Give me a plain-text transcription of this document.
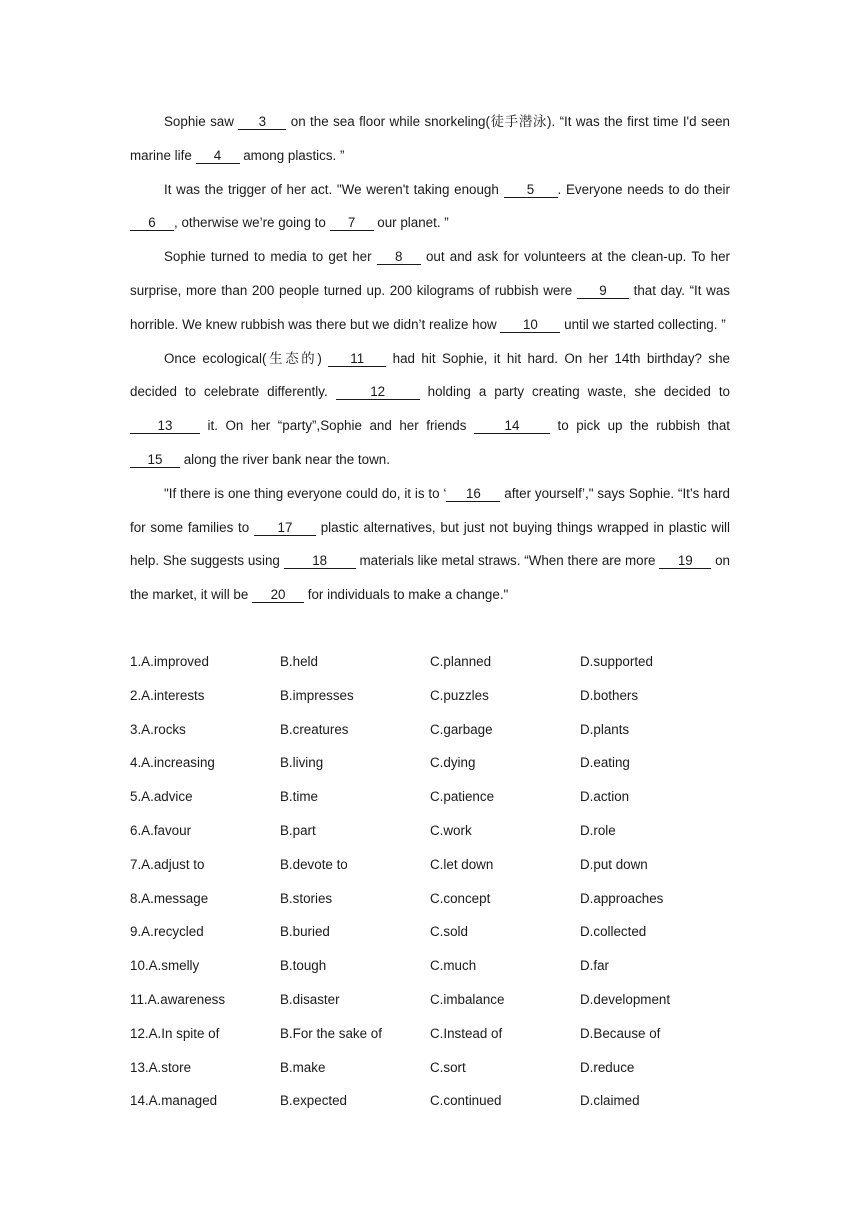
Sophie saw 3 on the sea floor while snorkeling(徒手潜泳). “It was the first time I'd seen marine life 4 among plastics. ”

It was the trigger of her act. "We weren't taking enough 5 . Everyone needs to do their 6 , otherwise we’re going to 7 our planet. ”

Sophie turned to media to get her 8 out and ask for volunteers at the clean-up. To her surprise, more than 200 people turned up. 200 kilograms of rubbish were 9 that day. “It was horrible. We knew rubbish was there but we didn’t realize how 10 until we started collecting. ”

Once ecological(生态的) 11 had hit Sophie, it hit hard. On her 14th birthday? she decided to celebrate differently.	12	holding a party creating waste, she decided to 13 it. On her “party”,Sophie and her friends 14 to pick up the rubbish that 15 along the river bank near the town.

"If there is one thing everyone could do, it is to ‘ 16 after yourself’," says Sophie. “It’s hard for some families to 17 plastic alternatives, but just not buying things wrapped in plastic will help. She suggests using 18 materials like metal straws. “When there are more 19 on the market, it will be 20 for individuals to make a change."

1.A.improved	B.held	C.planned	D.supported
2.A.interests	B.impresses	C.puzzles	D.bothers
3.A.rocks	B.creatures	C.garbage	D.plants
4.A.increasing	B.living	C.dying	D.eating
5.A.advice	B.time	C.patience	D.action
6.A.favour	B.part	C.work	D.role
7.A.adjust to	B.devote to	C.let down	D.put down
8.A.message	B.stories	C.concept	D.approaches
9.A.recycled	B.buried	C.sold	D.collected
10.A.smelly	B.tough	C.much	D.far
11.A.awareness	B.disaster	C.imbalance	D.development
12.A.In spite of	B.For the sake of	C.Instead of	D.Because of
13.A.store	B.make	C.sort	D.reduce
14.A.managed	B.expected	C.continued	D.claimed
